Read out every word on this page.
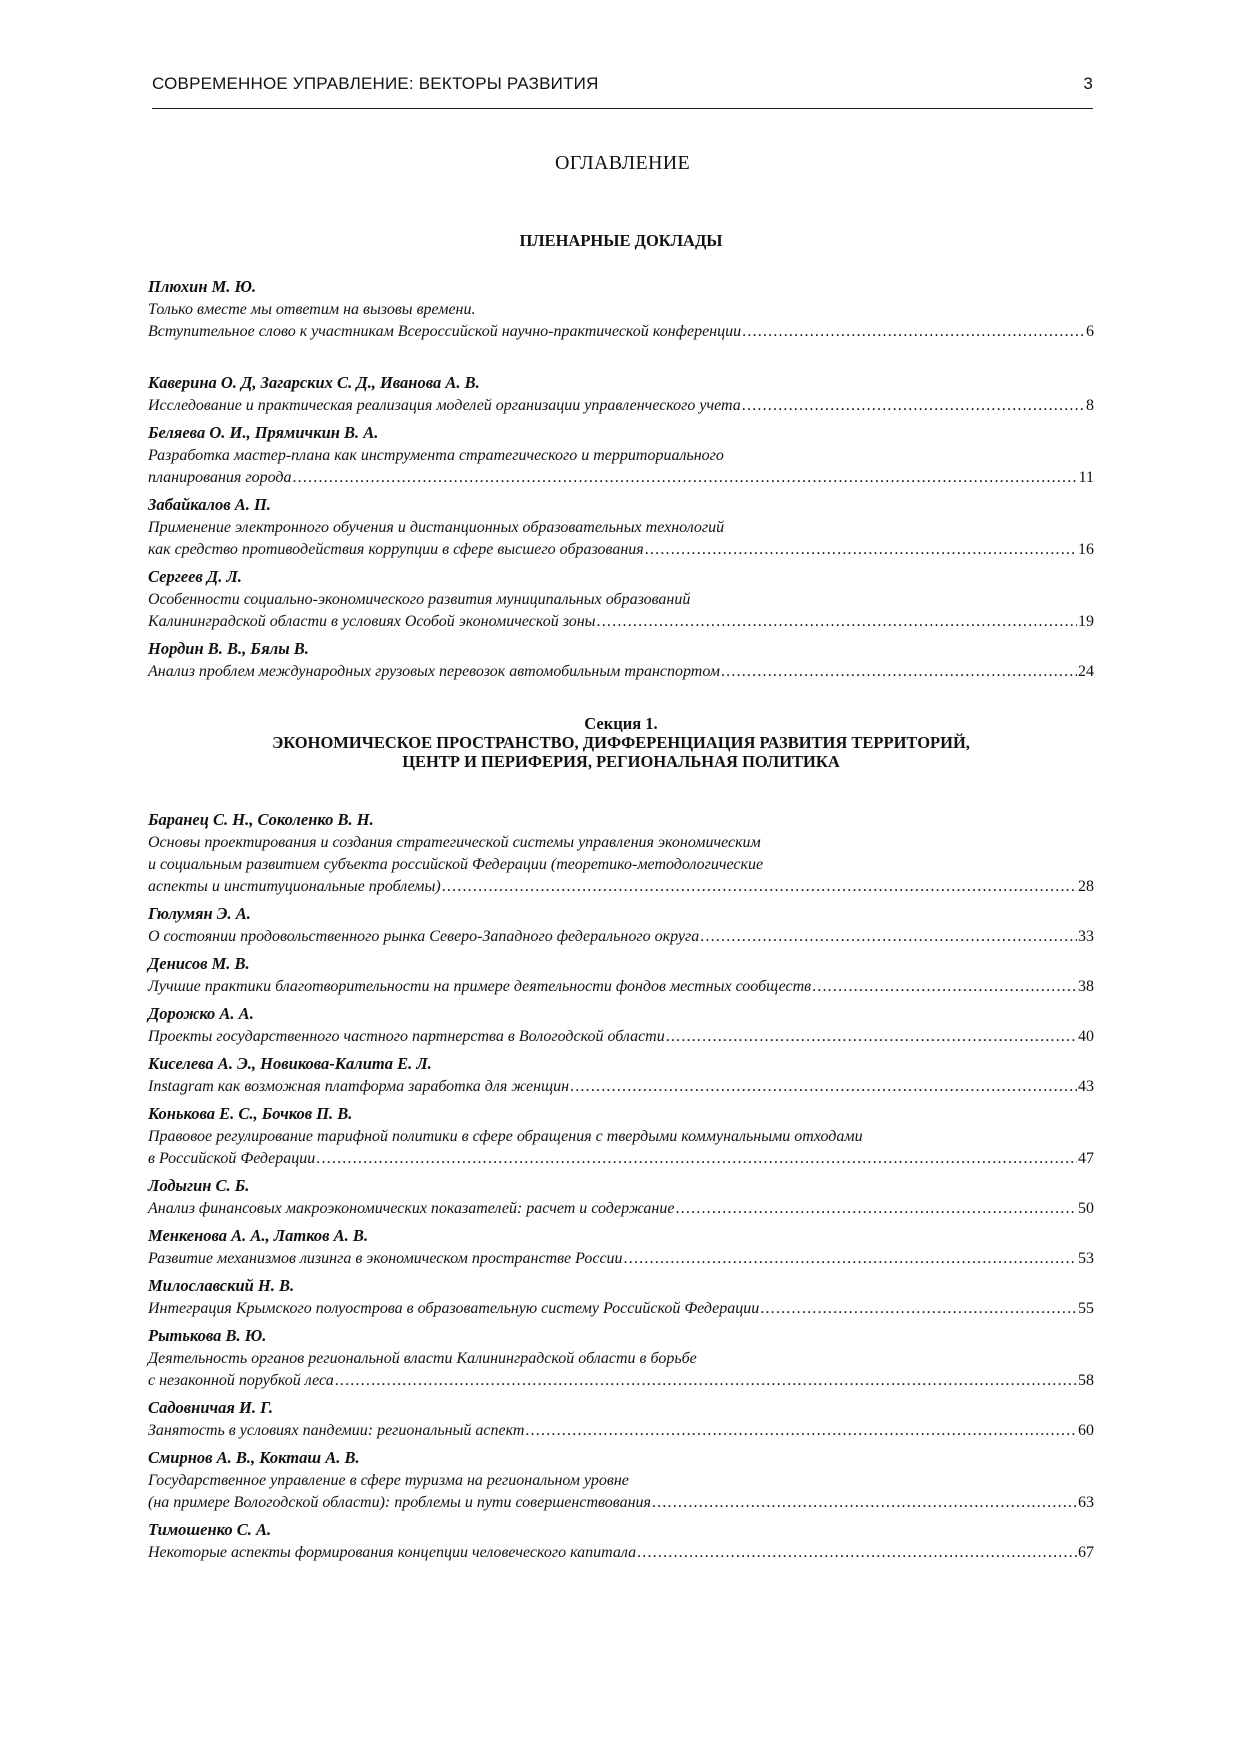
СОВРЕМЕННОЕ УПРАВЛЕНИЕ: ВЕКТОРЫ РАЗВИТИЯ	3
ОГЛАВЛЕНИЕ
ПЛЕНАРНЫЕ ДОКЛАДЫ
Плюхин М. Ю.
Только вместе мы ответим на вызовы времени.
Вступительное слово к участникам Всероссийской научно-практической конференции .....	6
Каверина О. Д, Загарских С. Д., Иванова А. В.
Исследование и практическая реализация моделей организации управленческого учета .....	8
Беляева О. И., Прямичкин В. А.
Разработка мастер-плана как инструмента стратегического и территориального
планирования города .....	11
Забайкалов А. П.
Применение электронного обучения и дистанционных образовательных технологий
как средство противодействия коррупции в сфере высшего образования .....	16
Сергеев Д. Л.
Особенности социально-экономического развития муниципальных образований
Калининградской области в условиях Особой экономической зоны .....	19
Нордин В. В., Бялы В.
Анализ проблем международных грузовых перевозок автомобильным транспортом .....	24
Секция 1.
ЭКОНОМИЧЕСКОЕ ПРОСТРАНСТВО, ДИФФЕРЕНЦИАЦИЯ РАЗВИТИЯ ТЕРРИТОРИЙ,
ЦЕНТР И ПЕРИФЕРИЯ, РЕГИОНАЛЬНАЯ ПОЛИТИКА
Баранец С. Н., Соколенко В. Н.
Основы проектирования и создания стратегической системы управления экономическим
и социальным развитием субъекта российской Федерации (теоретико-методологические
аспекты и институциональные проблемы) .....	28
Гюлумян Э. А.
О состоянии продовольственного рынка Северо-Западного федерального округа .....	33
Денисов М. В.
Лучшие практики благотворительности на примере деятельности фондов местных сообществ .....	38
Дорожко А. А.
Проекты государственного частного партнерства в Вологодской области .....	40
Киселева А. Э., Новикова-Калита Е. Л.
Instagram как возможная платформа заработка для женщин .....	43
Конькова Е. С., Бочков П. В.
Правовое регулирование тарифной политики в сфере обращения с твердыми коммунальными отходами
в Российской Федерации .....	47
Лодыгин С. Б.
Анализ финансовых макроэкономических показателей: расчет и содержание .....	50
Менкенова А. А., Латков А. В.
Развитие механизмов лизинга в экономическом пространстве России .....	53
Милославский Н. В.
Интеграция Крымского полуострова в образовательную систему Российской Федерации .....	55
Рытькова В. Ю.
Деятельность органов региональной власти Калининградской области в борьбе
с незаконной порубкой леса .....	58
Садовничая И. Г.
Занятость в условиях пандемии: региональный аспект .....	60
Смирнов А. В., Кокташ А. В.
Государственное управление в сфере туризма на региональном уровне
(на примере Вологодской области): проблемы и пути совершенствования .....	63
Тимошенко С. А.
Некоторые аспекты формирования концепции человеческого капитала .....	67
